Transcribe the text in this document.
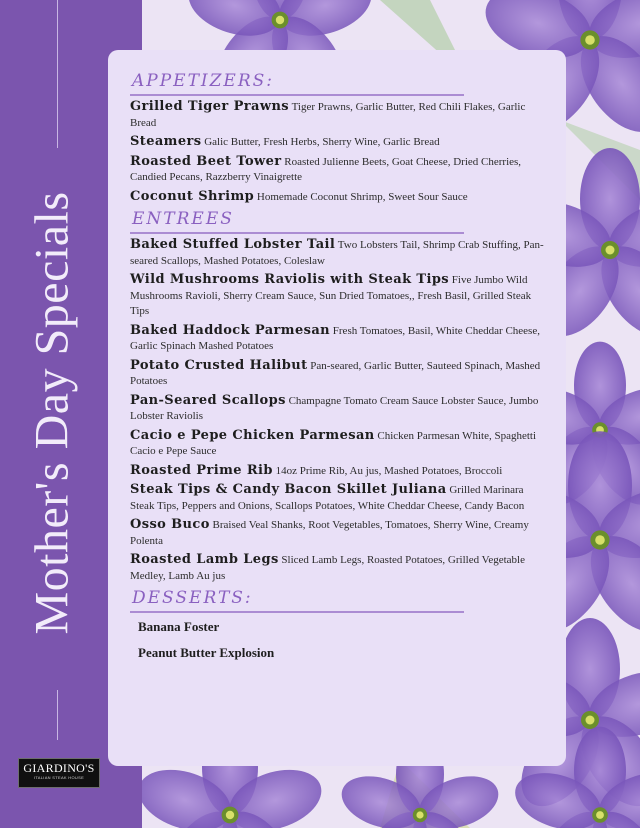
Mother's Day Specials
GIARDINO'S
ITALIAN STEAK HOUSE
APPETIZERS:
Grilled Tiger Prawns Tiger Prawns, Garlic Butter, Red Chili Flakes, Garlic Bread
Steamers Galic Butter, Fresh Herbs, Sherry Wine, Garlic Bread
Roasted Beet Tower Roasted Julienne Beets, Goat Cheese, Dried Cherries, Candied Pecans, Razzberry Vinaigrette
Coconut Shrimp Homemade Coconut Shrimp, Sweet Sour Sauce
ENTREES
Baked Stuffed Lobster Tail Two Lobsters Tail, Shrimp Crab Stuffing, Pan-seared Scallops, Mashed Potatoes, Coleslaw
Wild Mushrooms Raviolis with Steak Tips Five Jumbo Wild Mushrooms Ravioli, Sherry Cream Sauce, Sun Dried Tomatoes,, Fresh Basil, Grilled Steak Tips
Baked Haddock Parmesan Fresh Tomatoes, Basil, White Cheddar Cheese, Garlic Spinach Mashed Potatoes
Potato Crusted Halibut Pan-seared, Garlic Butter, Sauteed Spinach, Mashed Potatoes
Pan-Seared Scallops Champagne Tomato Cream Sauce Lobster Sauce, Jumbo Lobster Raviolis
Cacio e Pepe Chicken Parmesan Chicken Parmesan White, Spaghetti Cacio e Pepe Sauce
Roasted Prime Rib 14oz Prime Rib, Au jus, Mashed Potatoes, Broccoli
Steak Tips & Candy Bacon Skillet Juliana Grilled Marinara Steak Tips, Peppers and Onions, Scallops Potatoes, White Cheddar Cheese, Candy Bacon
Osso Buco Braised Veal Shanks, Root Vegetables, Tomatoes, Sherry Wine, Creamy Polenta
Roasted Lamb Legs Sliced Lamb Legs, Roasted Potatoes, Grilled Vegetable Medley, Lamb Au jus
DESSERTS:
Banana Foster
Peanut Butter Explosion
